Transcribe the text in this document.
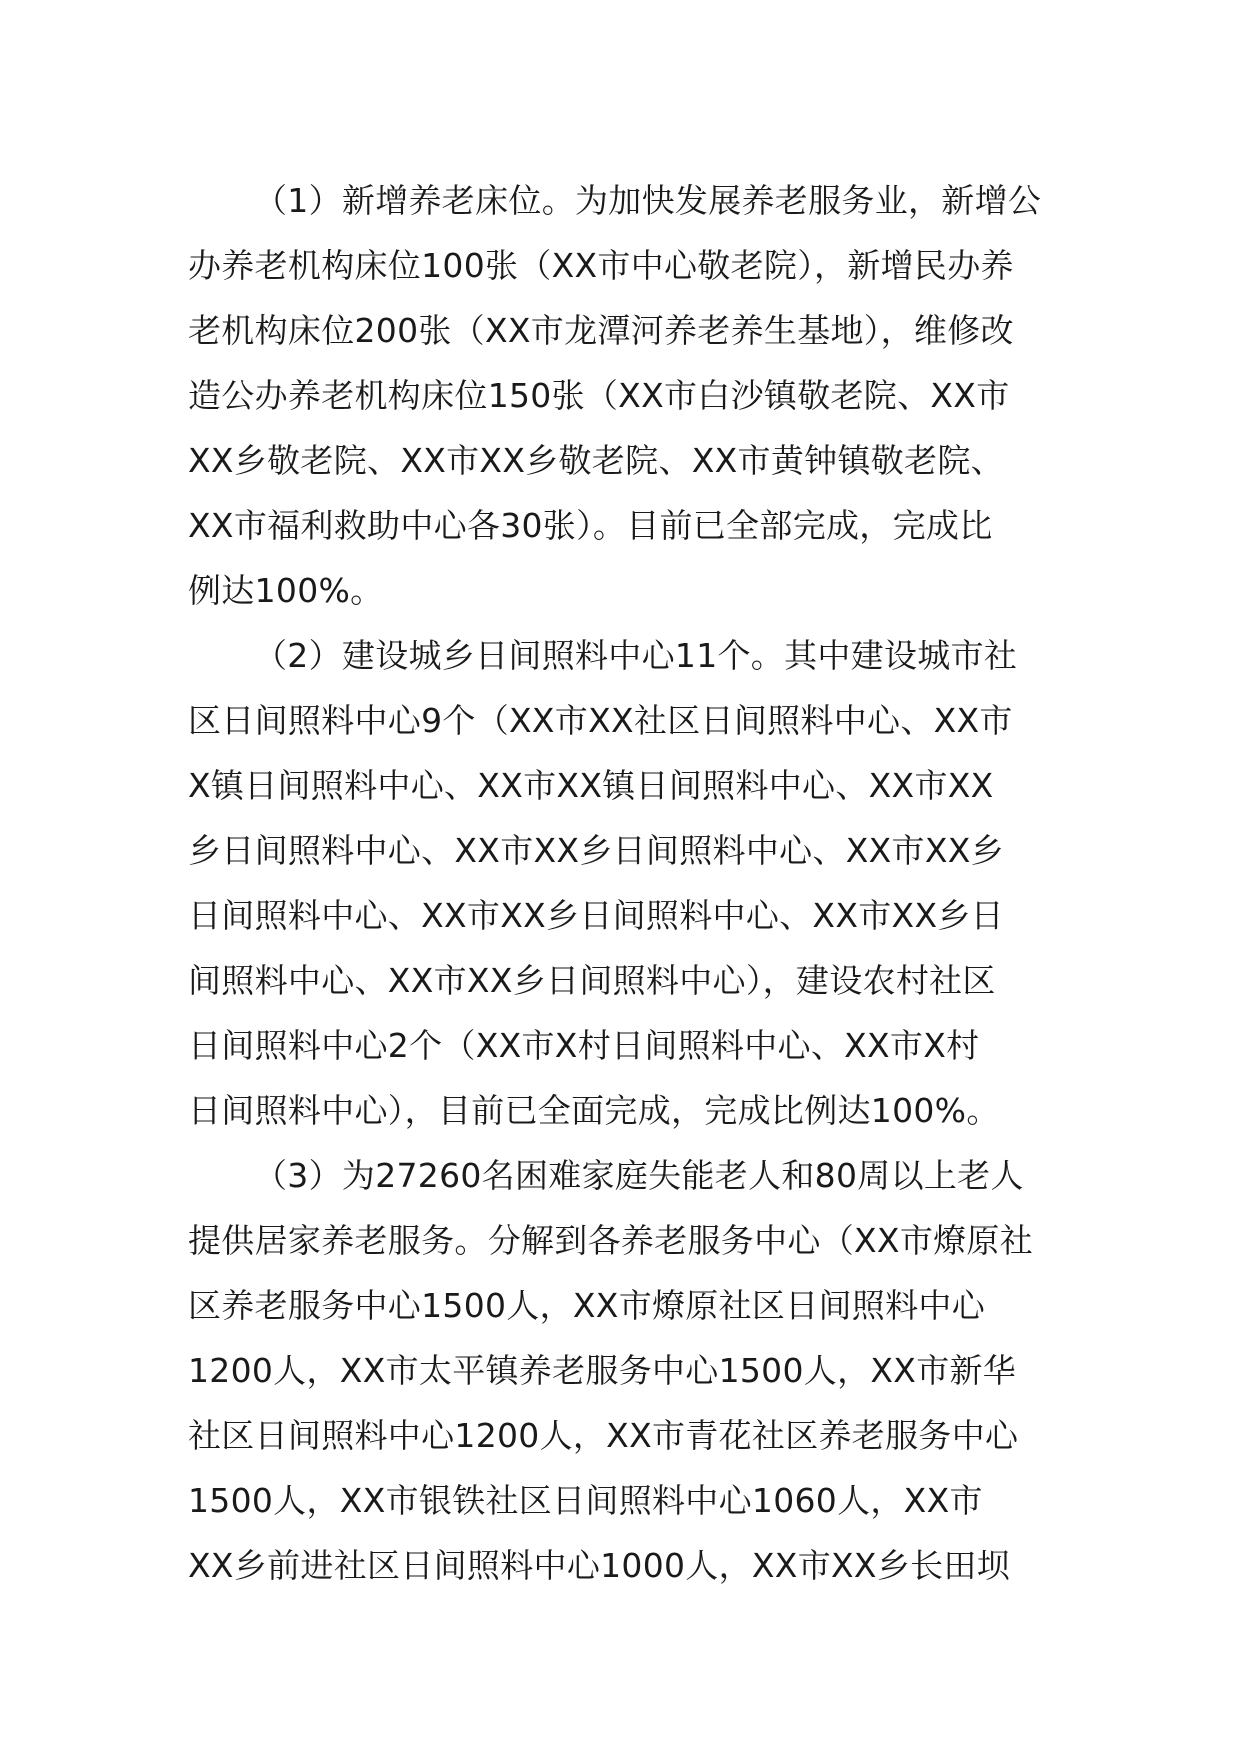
（1）新增养老床位。为加快发展养老服务业，新增公
办养老机构床位100张（XX市中心敬老院），新增民办养
老机构床位200张（XX市龙潭河养老养生基地），维修改
造公办养老机构床位150张（XX市白沙镇敬老院、XX市
XX乡敬老院、XX市XX乡敬老院、XX市黄钟镇敬老院、
XX市福利救助中心各30张）。目前已全部完成，完成比
例达100%。
（2）建设城乡日间照料中心11个。其中建设城市社
区日间照料中心9个（XX市XX社区日间照料中心、XX市
X镇日间照料中心、XX市XX镇日间照料中心、XX市XX
乡日间照料中心、XX市XX乡日间照料中心、XX市XX乡
日间照料中心、XX市XX乡日间照料中心、XX市XX乡日
间照料中心、XX市XX乡日间照料中心），建设农村社区
日间照料中心2个（XX市X村日间照料中心、XX市X村
日间照料中心），目前已全面完成，完成比例达100%。
（3）为27260名困难家庭失能老人和80周以上老人
提供居家养老服务。分解到各养老服务中心（XX市燎原社
区养老服务中心1500人，XX市燎原社区日间照料中心
1200人，XX市太平镇养老服务中心1500人，XX市新华
社区日间照料中心1200人，XX市青花社区养老服务中心
1500人，XX市银铁社区日间照料中心1060人，XX市
XX乡前进社区日间照料中心1000人，XX市XX乡长田坝
